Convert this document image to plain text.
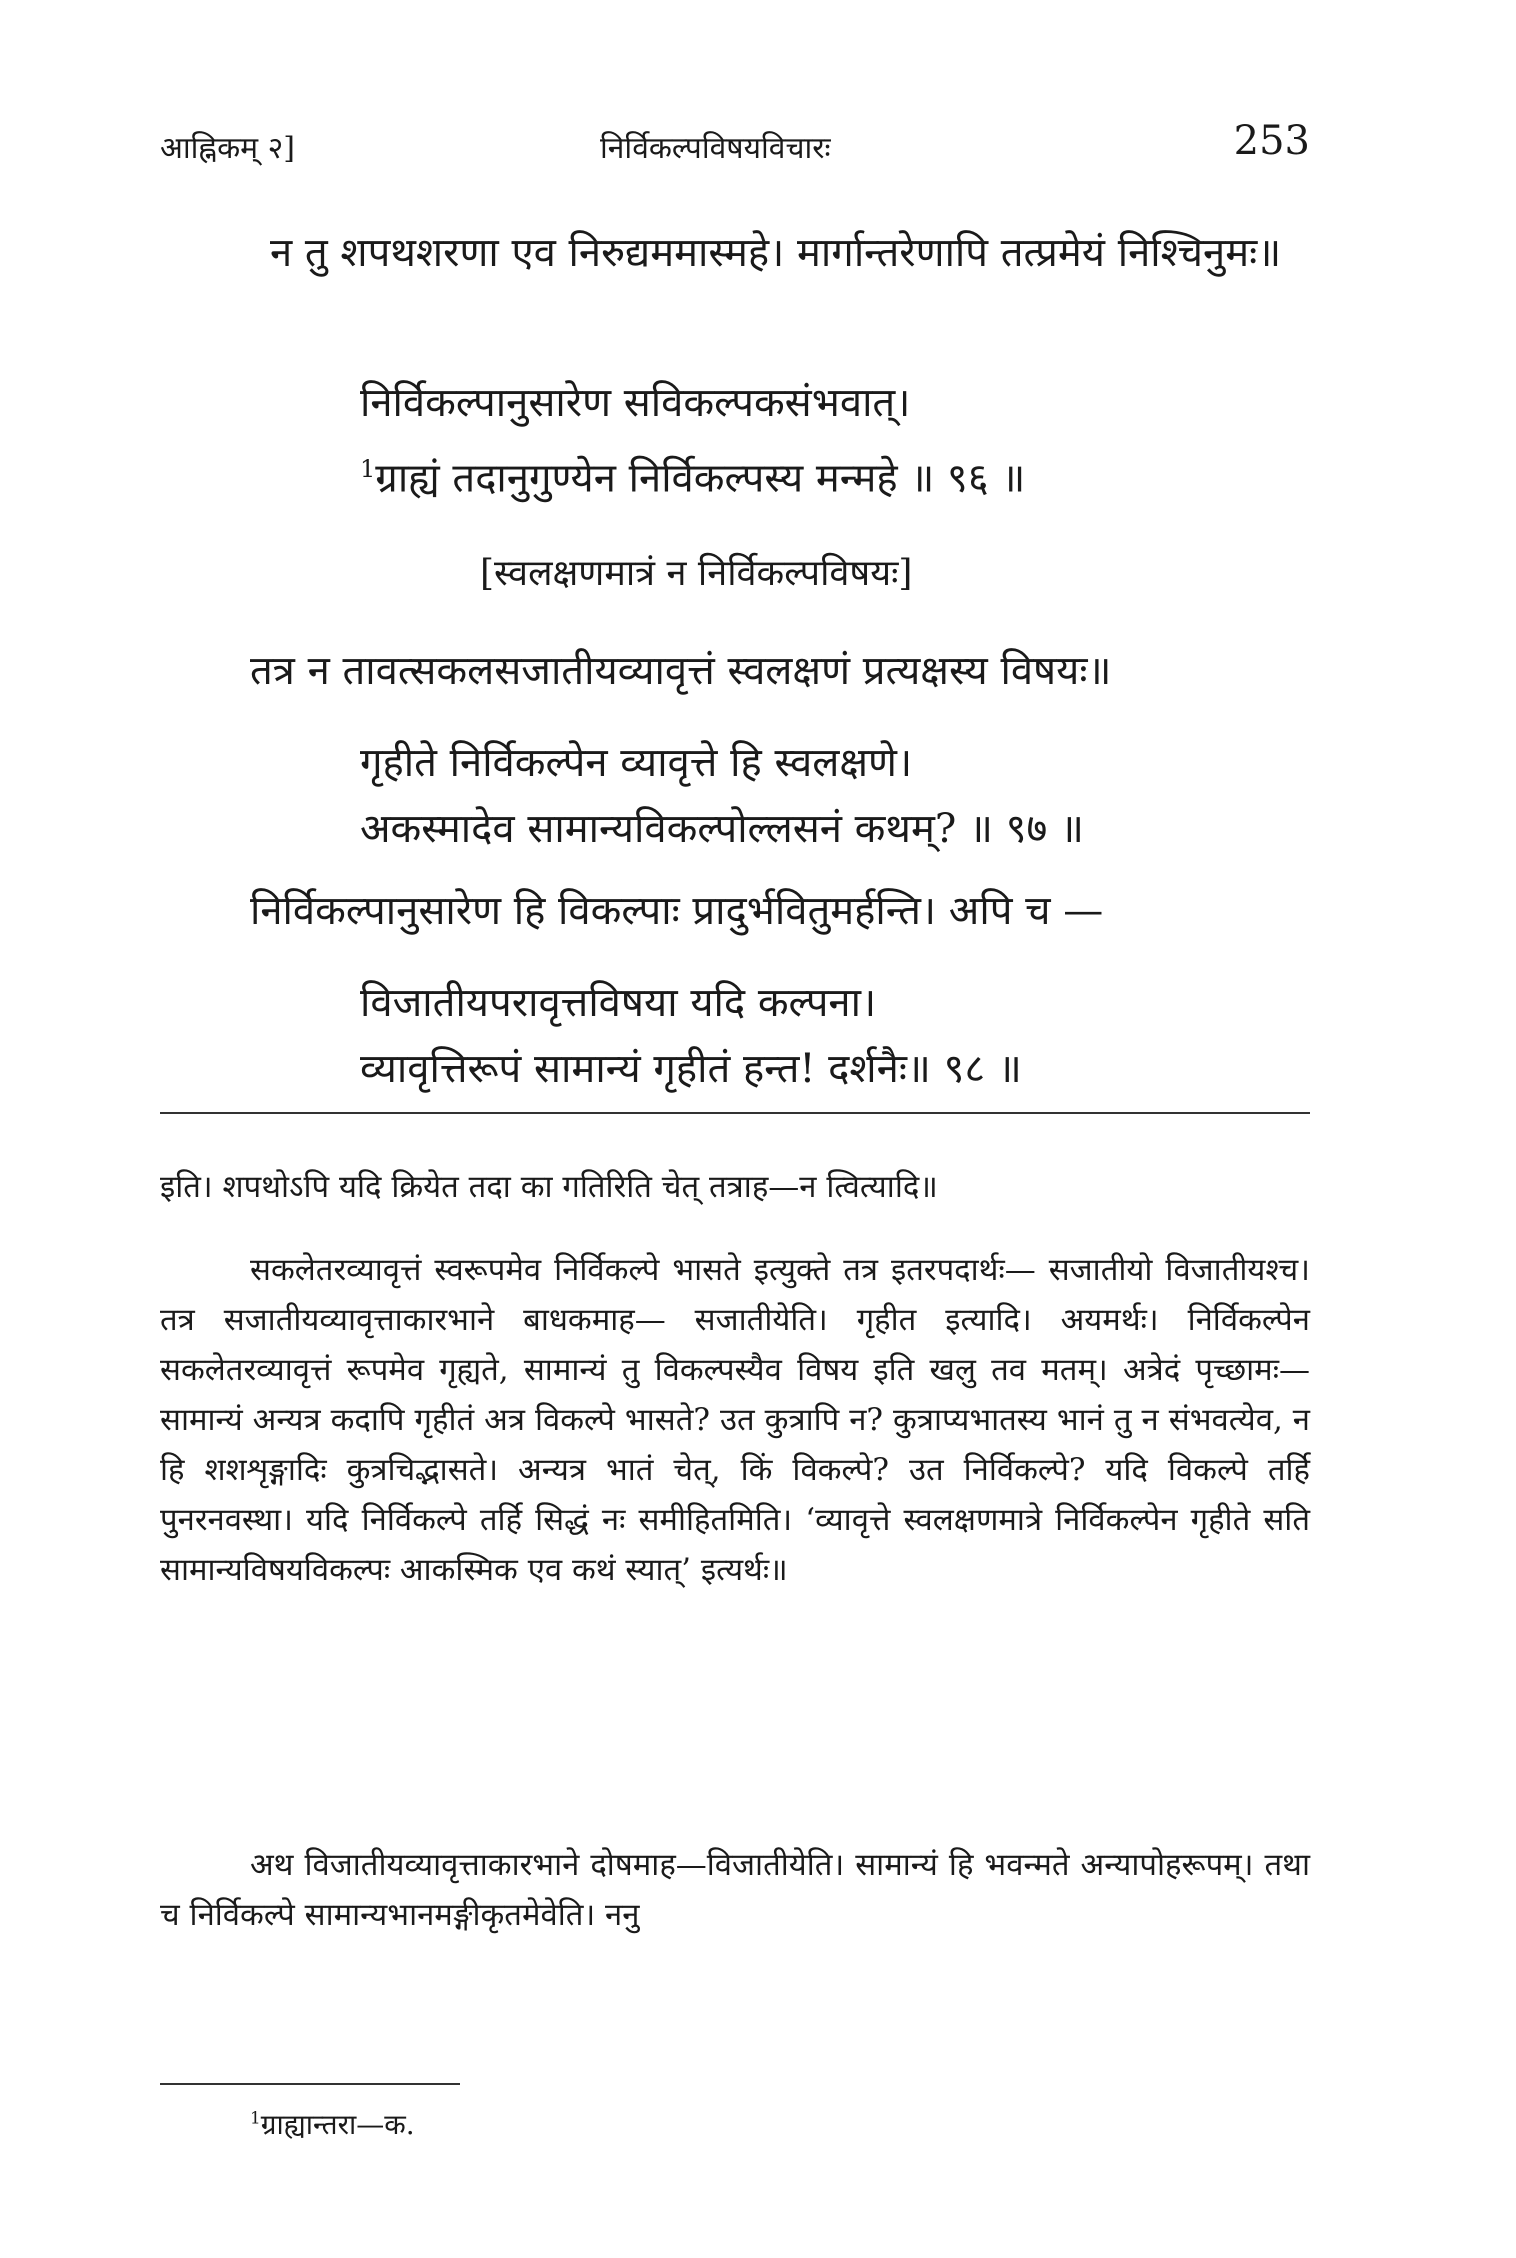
आह्निकम् २]	निर्विकल्पविषयविचारः	253
न तु शपथशरणा एव निरुद्यममास्महे। मार्गान्तरेणापि तत्प्रमेयं निश्चिनुमः॥
निर्विकल्पानुसारेण सविकल्पकसंभवात्।
$^1$ग्राह्यं तदानुगुण्येन निर्विकल्पस्य मन्महे ॥ ९६ ॥
[स्वलक्षणमात्रं न निर्विकल्पविषयः]
तत्र न तावत्सकलसजातीयव्यावृत्तं स्वलक्षणं प्रत्यक्षस्य विषयः॥
गृहीते निर्विकल्पेन व्यावृत्ते हि स्वलक्षणे।
अकस्मादेव सामान्यविकल्पोल्लसनं कथम्? ॥ ९७ ॥
निर्विकल्पानुसारेण हि विकल्पाः प्रादुर्भवितुमर्हन्ति। अपि च —
विजातीयपरावृत्तविषया यदि कल्पना।
व्यावृत्तिरूपं सामान्यं गृहीतं हन्त! दर्शनैः॥ ९८ ॥
इति। शपथोऽपि यदि क्रियेत तदा का गतिरिति चेत् तत्राह—न त्वित्यादि॥
सकलेतरव्यावृत्तं स्वरूपमेव निर्विकल्पे भासते इत्युक्ते तत्र इतरपदार्थः— सजातीयो विजातीयश्च। तत्र सजातीयव्यावृत्ताकारभाने बाधकमाह— सजातीयेति। गृहीत इत्यादि। अयमर्थः। निर्विकल्पेन सकलेतरव्यावृत्तं रूपमेव गृह्यते, सामान्यं तु विकल्पस्यैव विषय इति खलु तव मतम्। अत्रेदं पृच्छामः—सामान्यं अन्यत्र कदापि गृहीतं अत्र विकल्पे भासते? उत कुत्रापि न? कुत्राप्यभातस्य भानं तु न संभवत्येव, न हि शशशृङ्गादिः कुत्रचिद्भासते। अन्यत्र भातं चेत्, किं विकल्पे? उत निर्विकल्पे? यदि विकल्पे तर्हि पुनरनवस्था। यदि निर्विकल्पे तर्हि सिद्धं नः समीहितमिति। ‘व्यावृत्ते स्वलक्षणमात्रे निर्विकल्पेन गृहीते सति सामान्यविषयविकल्पः आकस्मिक एव कथं स्यात्’ इत्यर्थः॥
अथ विजातीयव्यावृत्ताकारभाने दोषमाह—विजातीयेति। सामान्यं हि भवन्मते अन्यापोहरूपम्। तथा च निर्विकल्पे सामान्यभानमङ्गीकृतमेवेति। ननु
$^1$ग्राह्यान्तरा—क.
